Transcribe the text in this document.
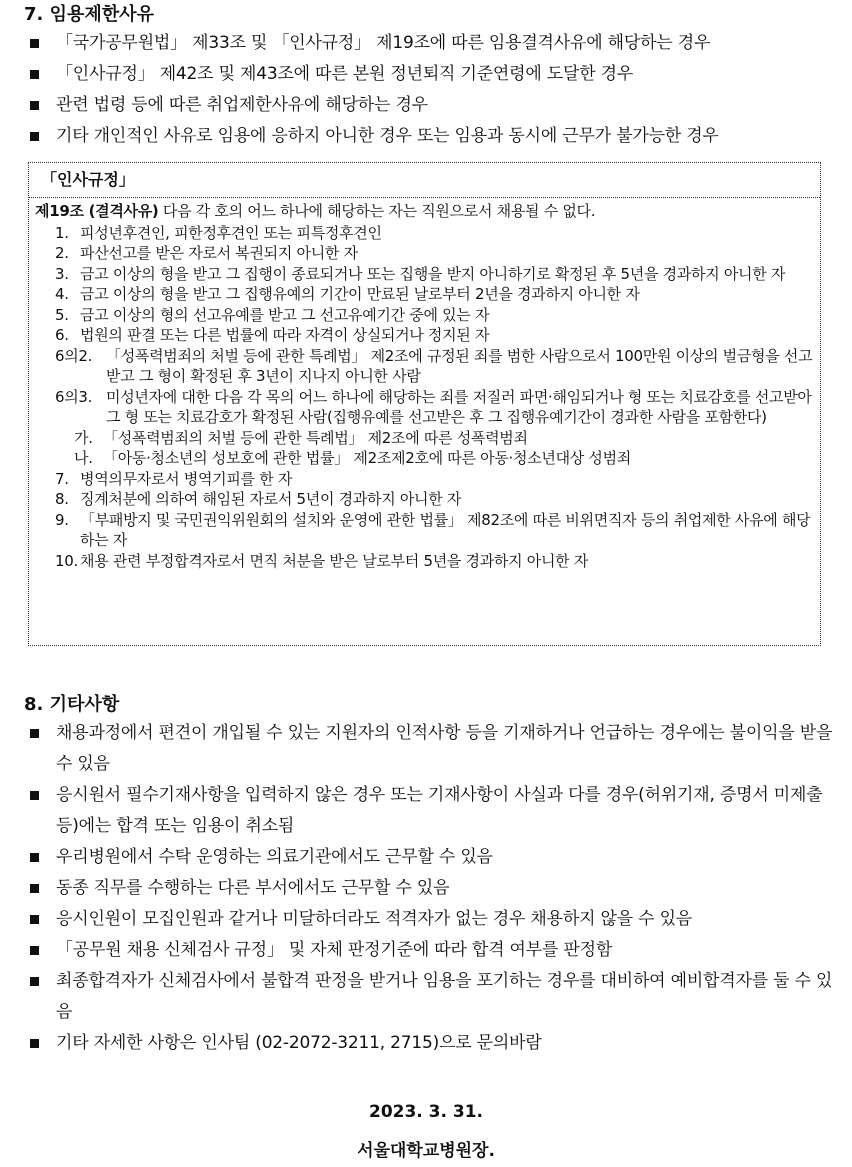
7. 임용제한사유
「국가공무원법」 제33조 및 「인사규정」 제19조에 따른 임용결격사유에 해당하는 경우
「인사규정」 제42조 및 제43조에 따른 본원 정년퇴직 기준연령에 도달한 경우
관련 법령 등에 따른 취업제한사유에 해당하는 경우
기타 개인적인 사유로 임용에 응하지 아니한 경우 또는 임용과 동시에 근무가 불가능한 경우
「인사규정」
제19조 (결격사유) 다음 각 호의 어느 하나에 해당하는 자는 직원으로서 채용될 수 없다.
1. 피성년후견인, 피한정후견인 또는 피특정후견인
2. 파산선고를 받은 자로서 복권되지 아니한 자
3. 금고 이상의 형을 받고 그 집행이 종료되거나 또는 집행을 받지 아니하기로 확정된 후 5년을 경과하지 아니한 자
4. 금고 이상의 형을 받고 그 집행유예의 기간이 만료된 날로부터 2년을 경과하지 아니한 자
5. 금고 이상의 형의 선고유예를 받고 그 선고유예기간 중에 있는 자
6. 법원의 판결 또는 다른 법률에 따라 자격이 상실되거나 정지된 자
6의2. 「성폭력범죄의 처벌 등에 관한 특례법」 제2조에 규정된 죄를 범한 사람으로서 100만원 이상의 벌금형을 선고받고 그 형이 확정된 후 3년이 지나지 아니한 사람
6의3. 미성년자에 대한 다음 각 목의 어느 하나에 해당하는 죄를 저질러 파면·해임되거나 형 또는 치료감호를 선고받아 그 형 또는 치료감호가 확정된 사람(집행유예를 선고받은 후 그 집행유예기간이 경과한 사람을 포함한다)
가. 「성폭력범죄의 처벌 등에 관한 특례법」 제2조에 따른 성폭력범죄
나. 「아동·청소년의 성보호에 관한 법률」 제2조제2호에 따른 아동·청소년대상 성범죄
7. 병역의무자로서 병역기피를 한 자
8. 징계처분에 의하여 해임된 자로서 5년이 경과하지 아니한 자
9. 「부패방지 및 국민권익위원회의 설치와 운영에 관한 법률」 제82조에 따른 비위면직자 등의 취업제한 사유에 해당하는 자
10. 채용 관련 부정합격자로서 면직 처분을 받은 날로부터 5년을 경과하지 아니한 자
8. 기타사항
채용과정에서 편견이 개입될 수 있는 지원자의 인적사항 등을 기재하거나 언급하는 경우에는 불이익을 받을 수 있음
응시원서 필수기재사항을 입력하지 않은 경우 또는 기재사항이 사실과 다를 경우(허위기재, 증명서 미제출 등)에는 합격 또는 임용이 취소됨
우리병원에서 수탁 운영하는 의료기관에서도 근무할 수 있음
동종 직무를 수행하는 다른 부서에서도 근무할 수 있음
응시인원이 모집인원과 같거나 미달하더라도 적격자가 없는 경우 채용하지 않을 수 있음
「공무원 채용 신체검사 규정」 및 자체 판정기준에 따라 합격 여부를 판정함
최종합격자가 신체검사에서 불합격 판정을 받거나 임용을 포기하는 경우를 대비하여 예비합격자를 둘 수 있음
기타 자세한 사항은 인사팀 (02-2072-3211, 2715)으로 문의바람
2023. 3. 31.
서울대학교병원장.
